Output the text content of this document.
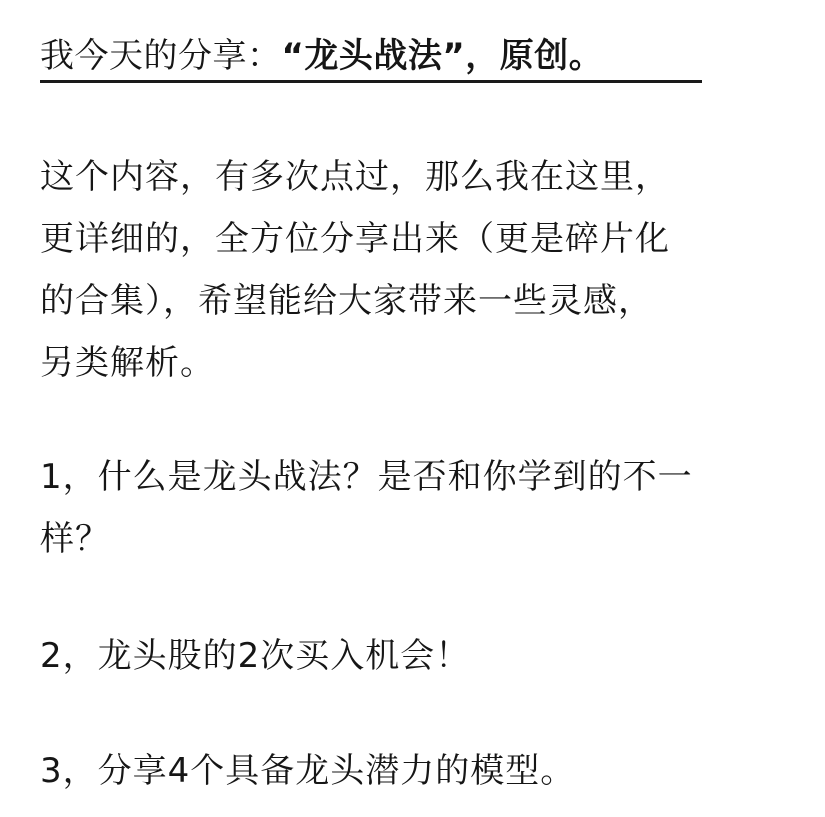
我今天的分享：“龙头战法”，原创。
这个内容，有多次点过，那么我在这里，
更详细的，全方位分享出来（更是碎片化
的合集），希望能给大家带来一些灵感，
另类解析。
1，什么是龙头战法？是否和你学到的不一
样？
2，龙头股的2次买入机会！
3，分享4个具备龙头潜力的模型。
